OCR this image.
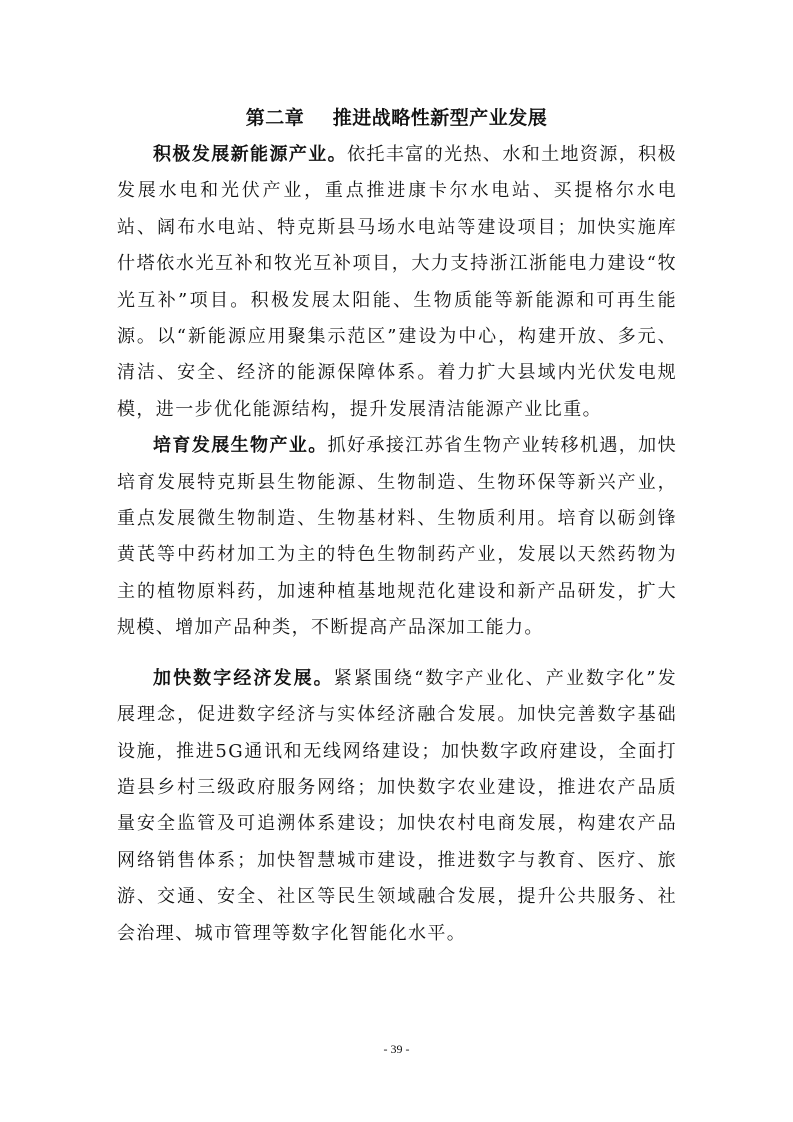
第二章    推进战略性新型产业发展

积极发展新能源产业。依托丰富的光热、水和土地资源，积极发展水电和光伏产业，重点推进康卡尔水电站、买提格尔水电站、阔布水电站、特克斯县马场水电站等建设项目；加快实施库什塔依水光互补和牧光互补项目，大力支持浙江浙能电力建设“牧光互补”项目。积极发展太阳能、生物质能等新能源和可再生能源。以“新能源应用聚集示范区”建设为中心，构建开放、多元、清洁、安全、经济的能源保障体系。着力扩大县域内光伏发电规模，进一步优化能源结构，提升发展清洁能源产业比重。

培育发展生物产业。抓好承接江苏省生物产业转移机遇，加快培育发展特克斯县生物能源、生物制造、生物环保等新兴产业，重点发展微生物制造、生物基材料、生物质利用。培育以砺剑锋黄芪等中药材加工为主的特色生物制药产业，发展以天然药物为主的植物原料药，加速种植基地规范化建设和新产品研发，扩大规模、增加产品种类，不断提高产品深加工能力。

加快数字经济发展。紧紧围绕“数字产业化、产业数字化”发展理念，促进数字经济与实体经济融合发展。加快完善数字基础设施，推进5G通讯和无线网络建设；加快数字政府建设，全面打造县乡村三级政府服务网络；加快数字农业建设，推进农产品质量安全监管及可追溯体系建设；加快农村电商发展，构建农产品网络销售体系；加快智慧城市建设，推进数字与教育、医疗、旅游、交通、安全、社区等民生领域融合发展，提升公共服务、社会治理、城市管理等数字化智能化水平。

- 39 -
